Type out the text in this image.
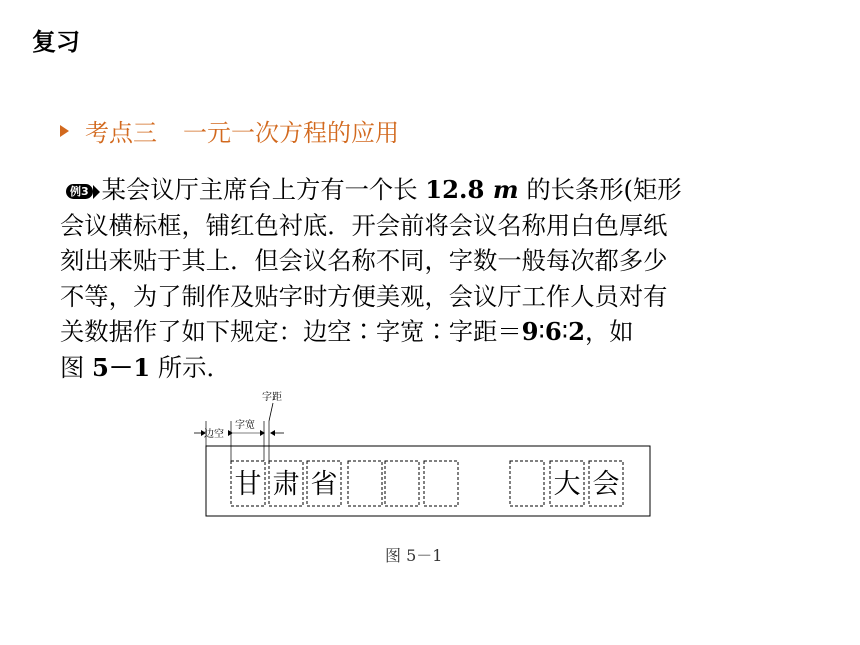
复习
考点三 一元一次方程的应用
例3 某会议厅主席台上方有一个长 12.8 m 的长条形(矩形
会议横标框，铺红色衬底．开会前将会议名称用白色厚纸
刻出来贴于其上．但会议名称不同，字数一般每次都多少
不等，为了制作及贴字时方便美观，会议厅工作人员对有
关数据作了如下规定：边空∶字宽∶字距＝9∶6∶2，如
图 5－1 所示．
字距
边空
字宽
甘 肃 省	大 会
图 5－1
